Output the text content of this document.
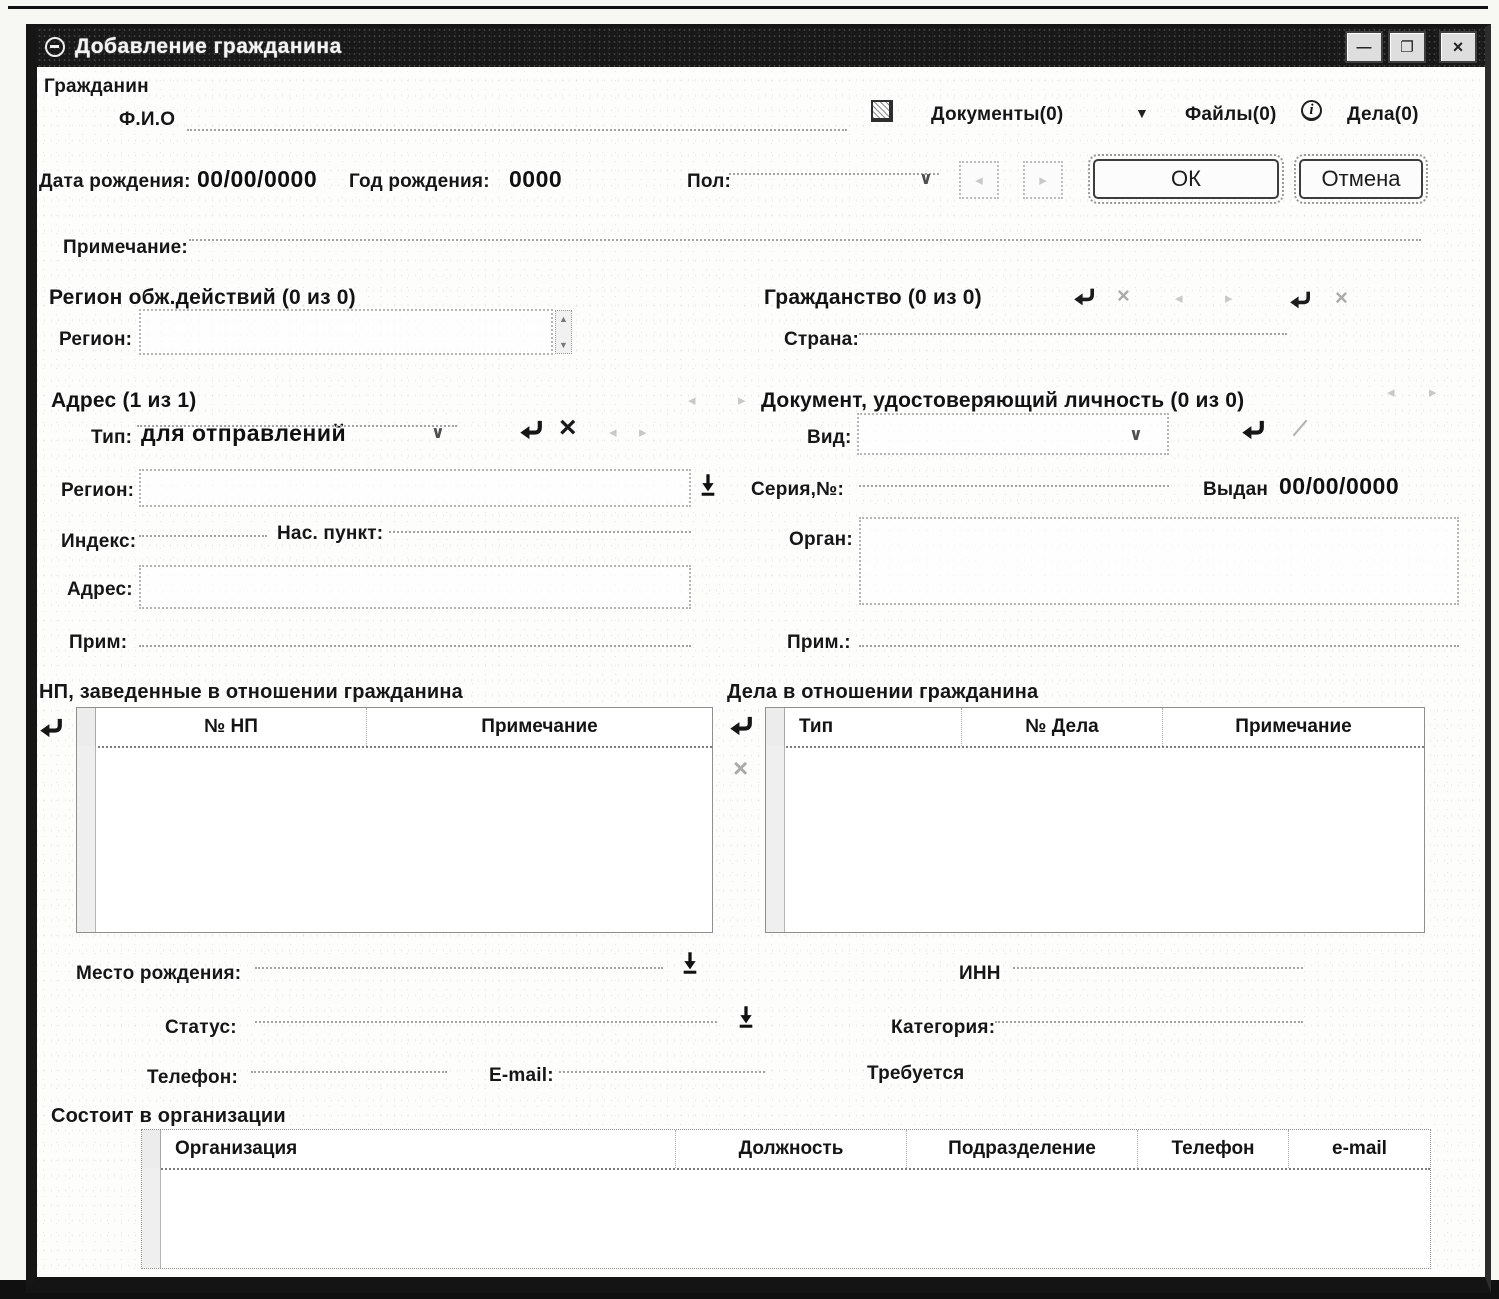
Добавление гражданина	—	❐	×
Гражданин
Ф.И.О	Документы(0)	▼ Файлы(0)	i	Дела(0)
Дата рождения: 00/00/0000 Год рождения: 0000	Пол:	∨	◂	▸	ОК	Отмена
Примечание:
Регион обж.действий (0 из 0)	×	◂	▸
Регион:
▲
▼
Гражданство (0 из 0)	×
Страна:
Адрес (1 из 1)	◂	▸
Тип: для отправлений	∨	× ◂ ▸
Регион:
Индекс:	Нас. пункт:
Адрес:
Прим:
Документ, удостоверяющий личность (0 из 0)	◂ ▸
Вид:	∨
Серия,№:	Выдан 00/00/0000
Орган:
Прим.:
НП, заведенные в отношении гражданина
№ НП	Примечание
Дела в отношении гражданина
×
Тип	№ Дела	Примечание
Место рождения:	ИНН
Статус:	Категория:
Телефон:	E-mail:	Требуется
Состоит в организации
Организация	Должность	Подразделение	Телефон	e-mail
